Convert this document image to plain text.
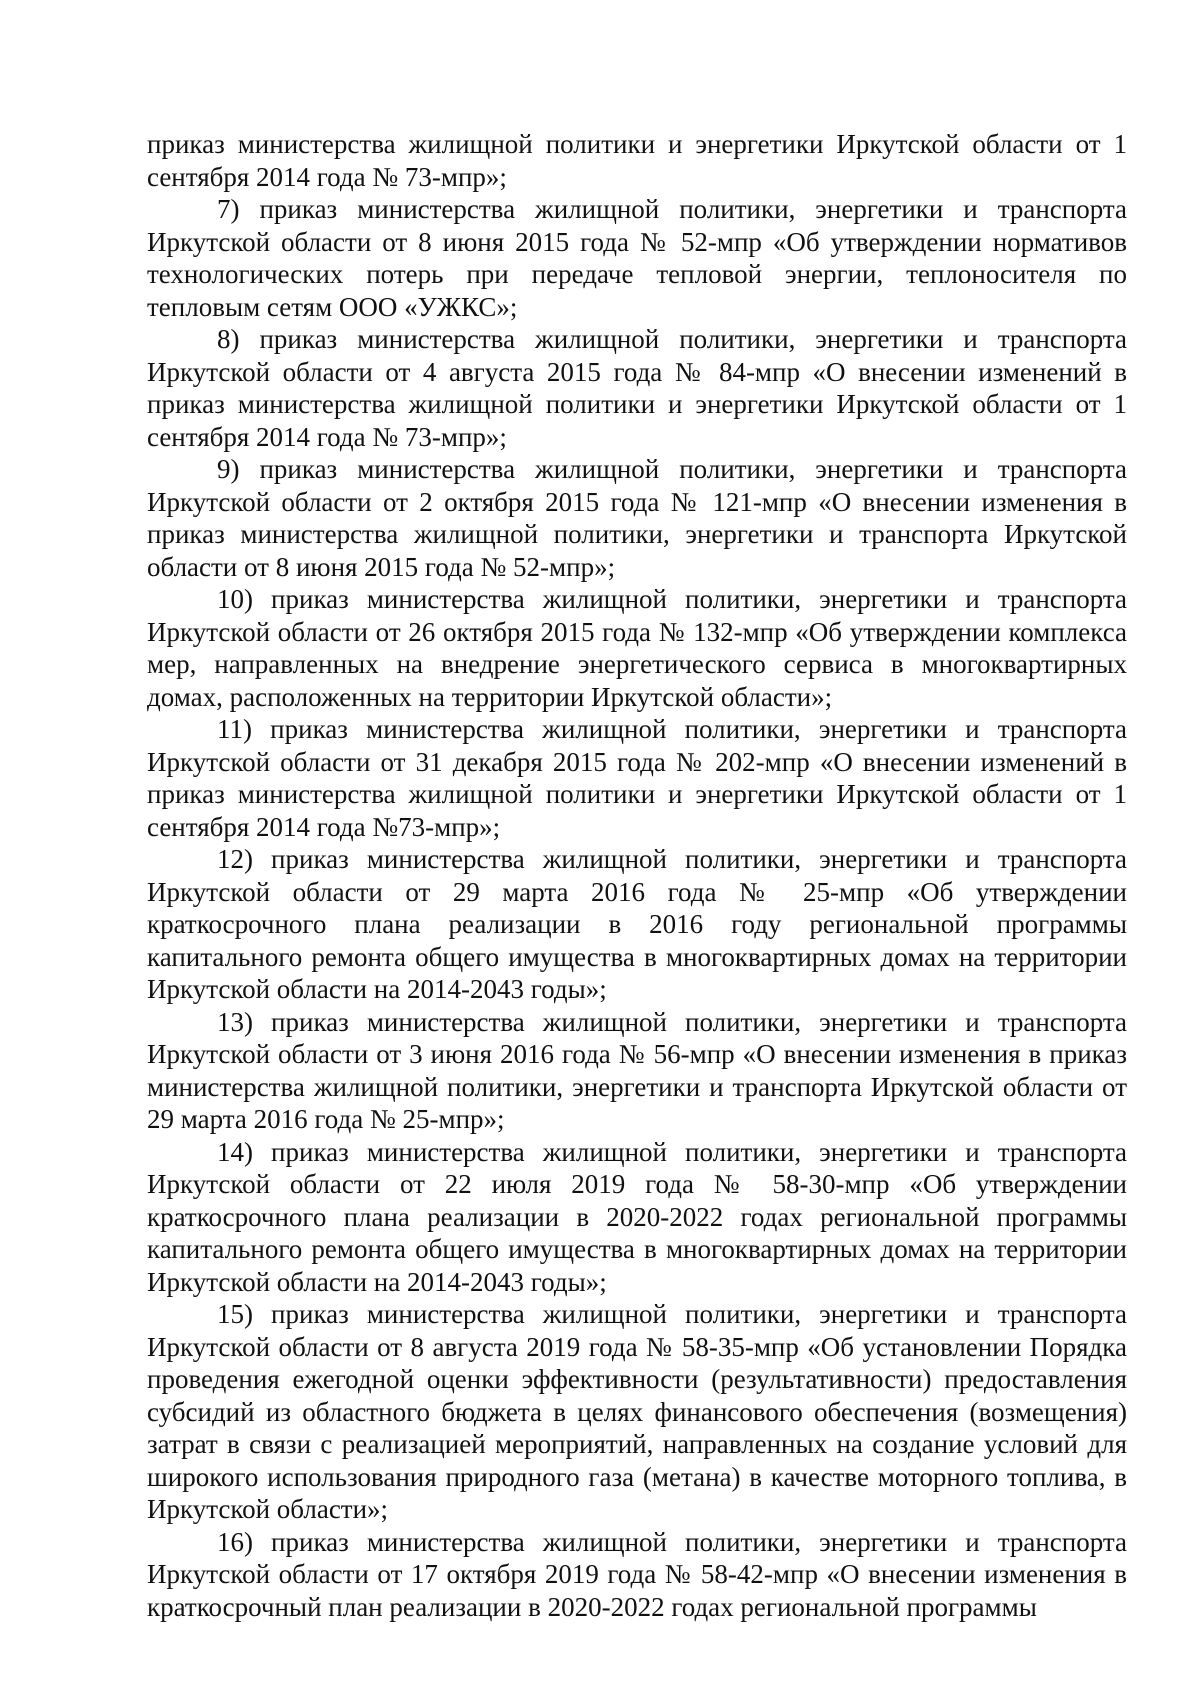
приказ министерства жилищной политики и энергетики Иркутской области от 1 сентября 2014 года № 73-мпр»;

7) приказ министерства жилищной политики, энергетики и транспорта Иркутской области от 8 июня 2015 года № 52-мпр «Об утверждении нормативов технологических потерь при передаче тепловой энергии, теплоносителя по тепловым сетям ООО «УЖКС»;

8) приказ министерства жилищной политики, энергетики и транспорта Иркутской области от 4 августа 2015 года № 84-мпр «О внесении изменений в приказ министерства жилищной политики и энергетики Иркутской области от 1 сентября 2014 года № 73-мпр»;

9) приказ министерства жилищной политики, энергетики и транспорта Иркутской области от 2 октября 2015 года № 121-мпр «О внесении изменения в приказ министерства жилищной политики, энергетики и транспорта Иркутской области от 8 июня 2015 года № 52-мпр»;

10) приказ министерства жилищной политики, энергетики и транспорта Иркутской области от 26 октября 2015 года № 132-мпр «Об утверждении комплекса мер, направленных на внедрение энергетического сервиса в многоквартирных домах, расположенных на территории Иркутской области»;

11) приказ министерства жилищной политики, энергетики и транспорта Иркутской области от 31 декабря 2015 года № 202-мпр «О внесении изменений в приказ министерства жилищной политики и энергетики Иркутской области от 1 сентября 2014 года №73-мпр»;

12) приказ министерства жилищной политики, энергетики и транспорта Иркутской области от 29 марта 2016 года № 25-мпр «Об утверждении краткосрочного плана реализации в 2016 году региональной программы капитального ремонта общего имущества в многоквартирных домах на территории Иркутской области на 2014-2043 годы»;

13) приказ министерства жилищной политики, энергетики и транспорта Иркутской области от 3 июня 2016 года № 56-мпр «О внесении изменения в приказ министерства жилищной политики, энергетики и транспорта Иркутской области от 29 марта 2016 года № 25-мпр»;

14) приказ министерства жилищной политики, энергетики и транспорта Иркутской области от 22 июля 2019 года № 58-30-мпр «Об утверждении краткосрочного плана реализации в 2020-2022 годах региональной программы капитального ремонта общего имущества в многоквартирных домах на территории Иркутской области на 2014-2043 годы»;

15) приказ министерства жилищной политики, энергетики и транспорта Иркутской области от 8 августа 2019 года № 58-35-мпр «Об установлении Порядка проведения ежегодной оценки эффективности (результативности) предоставления субсидий из областного бюджета в целях финансового обеспечения (возмещения) затрат в связи с реализацией мероприятий, направленных на создание условий для широкого использования природного газа (метана) в качестве моторного топлива, в Иркутской области»;

16) приказ министерства жилищной политики, энергетики и транспорта Иркутской области от 17 октября 2019 года № 58-42-мпр «О внесении изменения в краткосрочный план реализации в 2020-2022 годах региональной программы
